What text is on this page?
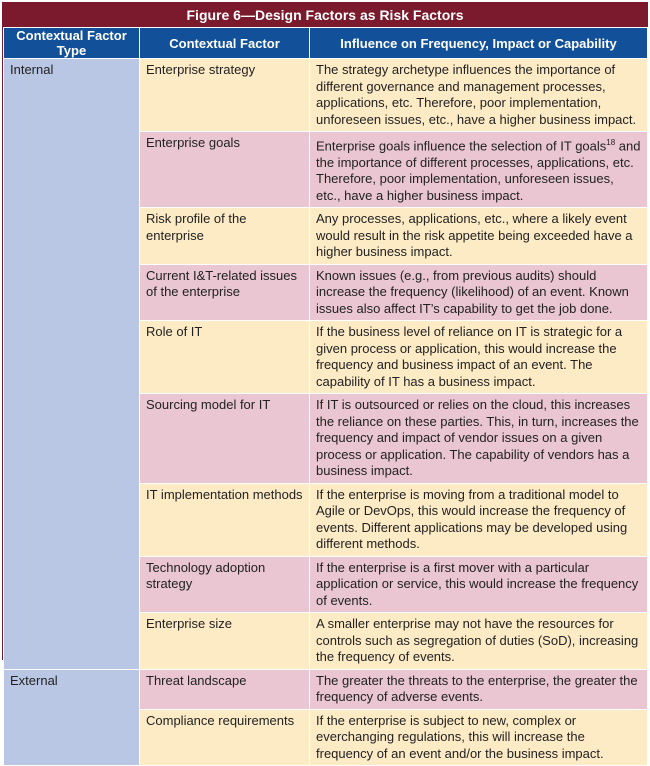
Figure 6—Design Factors as Risk Factors
Contextual Factor Type	Contextual Factor	Influence on Frequency, Impact or Capability
Internal	Enterprise strategy	The strategy archetype influences the importance of different governance and management processes, applications, etc. Therefore, poor implementation, unforeseen issues, etc., have a higher business impact.
	Enterprise goals	Enterprise goals influence the selection of IT goals$^{18}$ and the importance of different processes, applications, etc. Therefore, poor implementation, unforeseen issues, etc., have a higher business impact.
	Risk profile of the enterprise	Any processes, applications, etc., where a likely event would result in the risk appetite being exceeded have a higher business impact.
	Current I&T-related issues of the enterprise	Known issues (e.g., from previous audits) should increase the frequency (likelihood) of an event. Known issues also affect IT’s capability to get the job done.
	Role of IT	If the business level of reliance on IT is strategic for a given process or application, this would increase the frequency and business impact of an event. The capability of IT has a business impact.
	Sourcing model for IT	If IT is outsourced or relies on the cloud, this increases the reliance on these parties. This, in turn, increases the frequency and impact of vendor issues on a given process or application. The capability of vendors has a business impact.
	IT implementation methods	If the enterprise is moving from a traditional model to Agile or DevOps, this would increase the frequency of events. Different applications may be developed using different methods.
	Technology adoption strategy	If the enterprise is a first mover with a particular application or service, this would increase the frequency of events.
	Enterprise size	A smaller enterprise may not have the resources for controls such as segregation of duties (SoD), increasing the frequency of events.
External	Threat landscape	The greater the threats to the enterprise, the greater the frequency of adverse events.
	Compliance requirements	If the enterprise is subject to new, complex or everchanging regulations, this will increase the frequency of an event and/or the business impact.
